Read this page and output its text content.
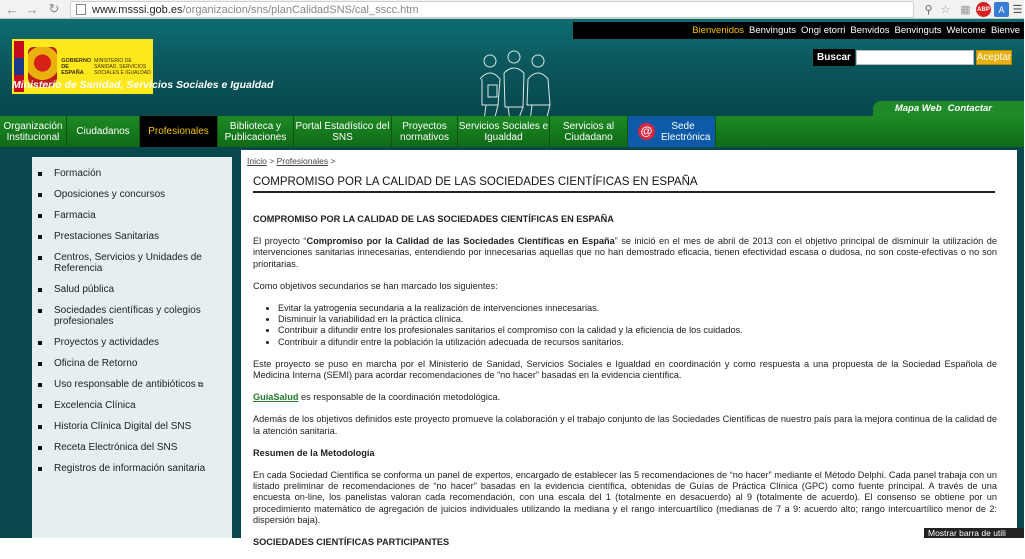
← → ↻	www.msssi.gob.es /organizacion/sns/planCalidadSNS/cal_sscc.htm	⚲ ☆ ▦	ABP A ☰
Bienvenidos Benvinguts Ongi etorri Benvidos Benvinguts Welcome Bienve
GOBIERNO DE ESPAÑA
MINISTERIO DE SANIDAD, SERVICIOS SOCIALES E IGUALDAD
Ministerio de Sanidad, Servicios Sociales e Igualdad
Buscar	Aceptar
Mapa Web Contactar
Organización Institucional	Ciudadanos	Profesionales	Biblioteca y Publicaciones
Portal Estadístico del SNS
Proyectos normativos
Servicios Sociales e Igualdad
Servicios al Ciudadano	@	Sede Electrónica
Formación
Oposiciones y concursos
Farmacia
Prestaciones Sanitarias
Centros, Servicios y Unidades de Referencia
Salud pública
Sociedades científicas y colegios profesionales
Proyectos y actividades
Oficina de Retorno
Uso responsable de antibióticos ⧉
Excelencia Clínica
Historia Clínica Digital del SNS
Receta Electrónica del SNS
Registros de información sanitaria
Inicio > Profesionales >
COMPROMISO POR LA CALIDAD DE LAS SOCIEDADES CIENTÍFICAS EN ESPAÑA
COMPROMISO POR LA CALIDAD DE LAS SOCIEDADES CIENTÍFICAS EN ESPAÑA

El proyecto “Compromiso por la Calidad de las Sociedades Científicas en España” se inició en el mes de abril de 2013 con el objetivo principal de disminuir la utilización de intervenciones sanitarias innecesarias, entendiendo por innecesarias aquellas que no han demostrado eficacia, tienen efectividad escasa o dudosa, no son coste-efectivas o no son prioritarias.

Como objetivos secundarios se han marcado los siguientes:

• Evitar la yatrogenia secundaria a la realización de intervenciones innecesarias.
• Disminuir la variabilidad en la práctica clínica.
• Contribuir a difundir entre los profesionales sanitarios el compromiso con la calidad y la eficiencia de los cuidados.
• Contribuir a difundir entre la población la utilización adecuada de recursos sanitarios.

Este proyecto se puso en marcha por el Ministerio de Sanidad, Servicios Sociales e Igualdad en coordinación y como respuesta a una propuesta de la Sociedad Española de Medicina Interna (SEMI) para acordar recomendaciones de “no hacer” basadas en la evidencia científica.

GuíaSalud es responsable de la coordinación metodológica.

Además de los objetivos definidos este proyecto promueve la colaboración y el trabajo conjunto de las Sociedades Científicas de nuestro país para la mejora continua de la calidad de la atención sanitaria.

Resumen de la Metodología

En cada Sociedad Científica se conforma un panel de expertos, encargado de establecer las 5 recomendaciones de “no hacer” mediante el Método Delphi. Cada panel trabaja con un listado preliminar de recomendaciones de “no hacer” basadas en la evidencia científica, obtenidas de Guías de Práctica Clínica (GPC) como fuente principal. A través de una encuesta on-line, los panelistas valoran cada recomendación, con una escala del 1 (totalmente en desacuerdo) al 9 (totalmente de acuerdo). El consenso se obtiene por un procedimiento matemático de agregación de juicios individuales utilizando la mediana y el rango intercuartílico (medianas de 7 a 9: acuerdo alto; rango intercuartílico menor de 2: dispersión baja).

SOCIEDADES CIENTÍFICAS PARTICIPANTES
Mostrar barra de utili
